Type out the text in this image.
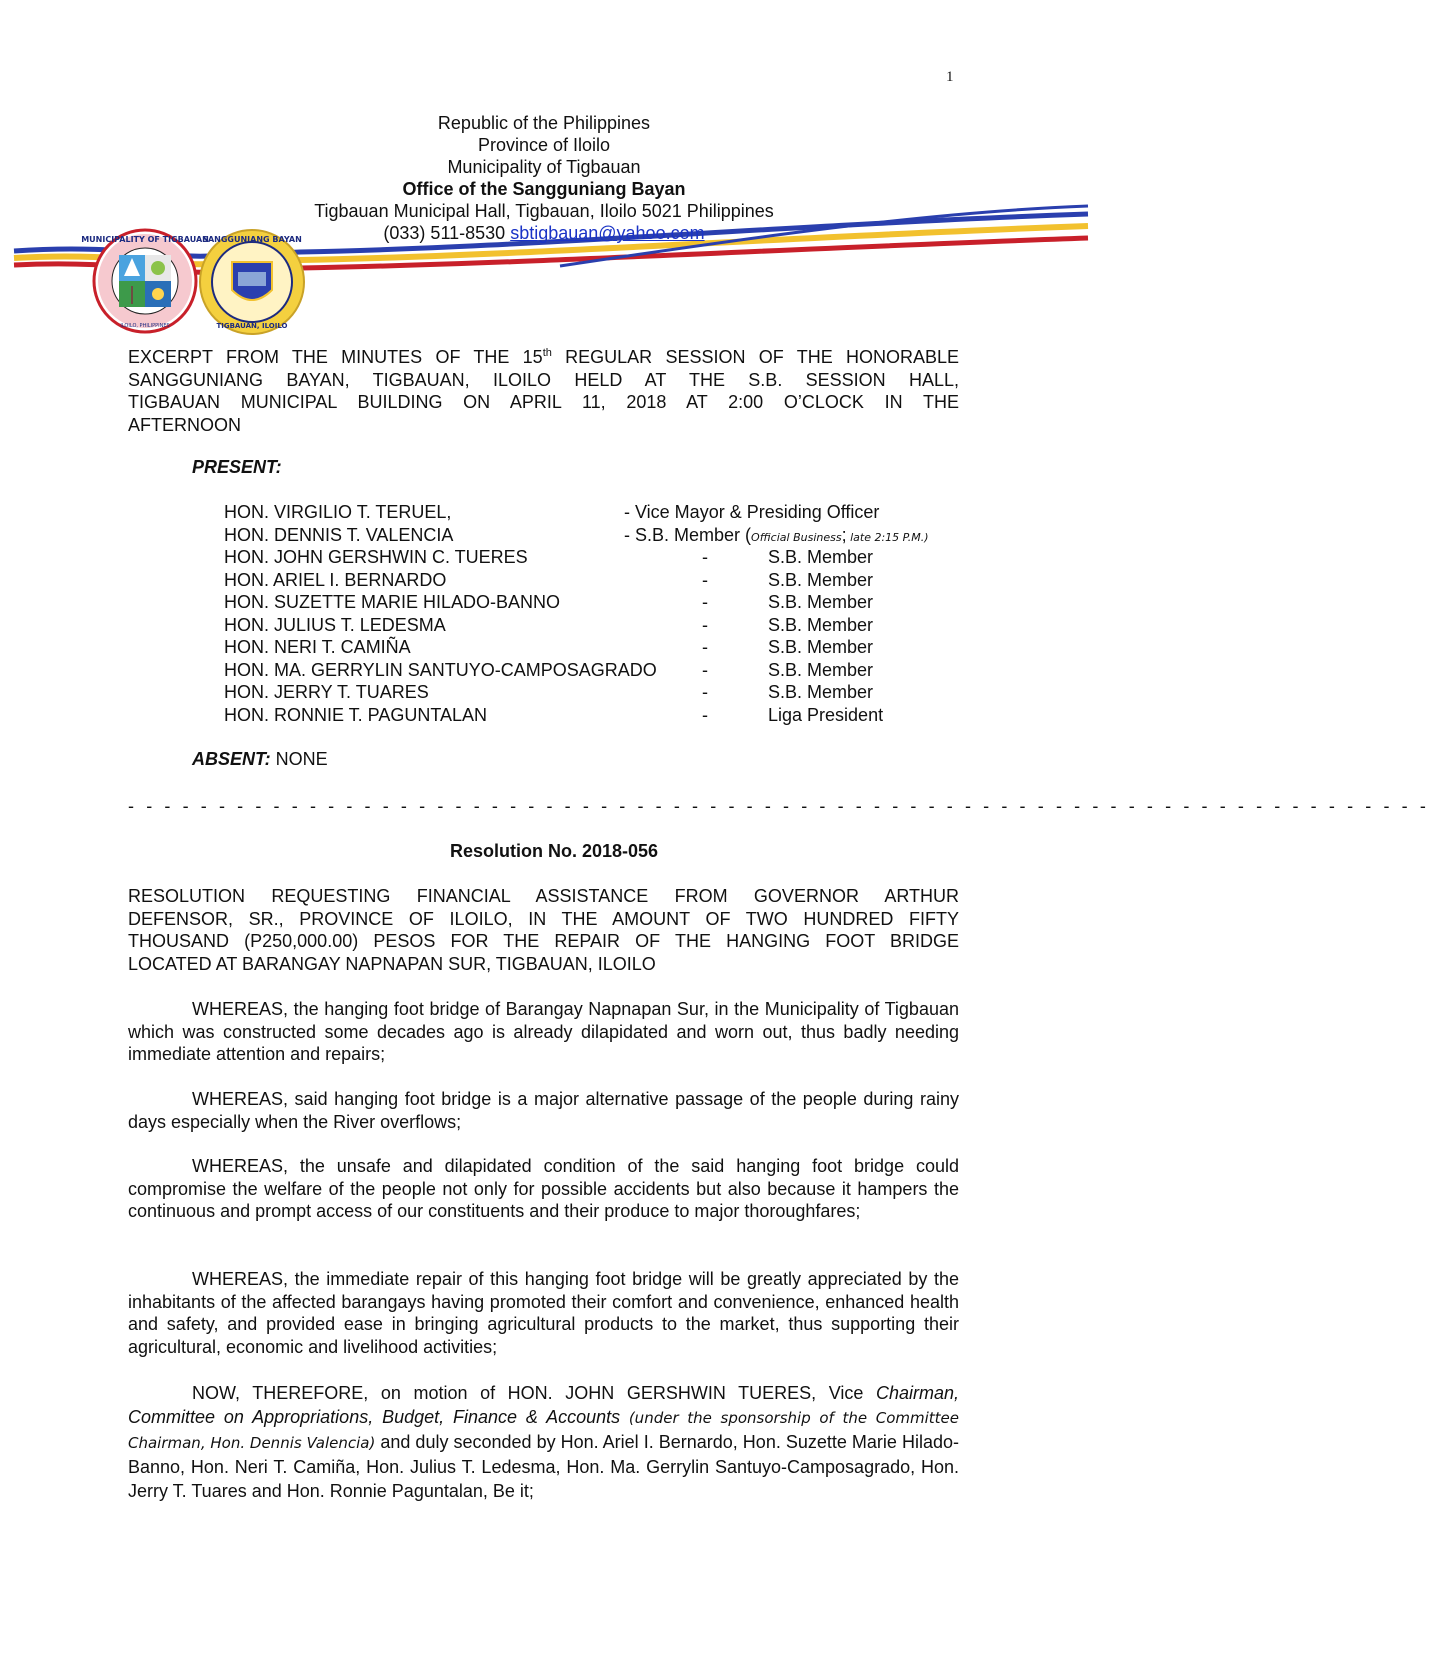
1
MUNICIPALITY OF TIGBAUAN
ILOILO, PHILIPPINES
SANGGUNIANG BAYAN
TIGBAUAN, ILOILO
Republic of the Philippines
Province of Iloilo
Municipality of Tigbauan
Office of the Sangguniang Bayan
Tigbauan Municipal Hall, Tigbauan, Iloilo 5021 Philippines
(033) 511-8530 sbtigbauan@yahoo.com
EXCERPT FROM THE MINUTES OF THE 15th REGULAR SESSION OF THE HONORABLE
SANGGUNIANG BAYAN, TIGBAUAN, ILOILO HELD AT THE S.B. SESSION HALL,
TIGBAUAN MUNICIPAL BUILDING ON APRIL 11, 2018 AT 2:00 O’CLOCK IN THE
AFTERNOON
PRESENT:
HON. VIRGILIO T. TERUEL,	- Vice Mayor & Presiding Officer
HON. DENNIS T. VALENCIA	- S.B. Member (Official Business; late 2:15 P.M.)
HON. JOHN GERSHWIN C. TUERES	-	S.B. Member
HON. ARIEL I. BERNARDO	-	S.B. Member
HON. SUZETTE MARIE HILADO-BANNO	-	S.B. Member
HON. JULIUS T. LEDESMA	-	S.B. Member
HON. NERI T. CAMIÑA	-	S.B. Member
HON. MA. GERRYLIN SANTUYO-CAMPOSAGRADO	-	S.B. Member
HON. JERRY T. TUARES	-	S.B. Member
HON. RONNIE T. PAGUNTALAN	-	Liga President
ABSENT: NONE
- - - - - - - - - - - - - - - - - - - - - - - - - - - - - - - - - - - - - - - - - - - - - - - - - - - - - - - - - - - - - - - - - - - - - - - -
Resolution No. 2018-056
RESOLUTION REQUESTING FINANCIAL ASSISTANCE FROM GOVERNOR ARTHUR
DEFENSOR, SR., PROVINCE OF ILOILO, IN THE AMOUNT OF TWO HUNDRED FIFTY
THOUSAND (P250,000.00) PESOS FOR THE REPAIR OF THE HANGING FOOT BRIDGE
LOCATED AT BARANGAY NAPNAPAN SUR, TIGBAUAN, ILOILO
WHEREAS, the hanging foot bridge of Barangay Napnapan Sur, in the Municipality of Tigbauan which was constructed some decades ago is already dilapidated and worn out, thus badly needing immediate attention and repairs;
WHEREAS, said hanging foot bridge is a major alternative passage of the people during rainy days especially when the River overflows;
WHEREAS, the unsafe and dilapidated condition of the said hanging foot bridge could compromise the welfare of the people not only for possible accidents but also because it hampers the continuous and prompt access of our constituents and their produce to major thoroughfares;
WHEREAS, the immediate repair of this hanging foot bridge will be greatly appreciated by the inhabitants of the affected barangays having promoted their comfort and convenience, enhanced health and safety, and provided ease in bringing agricultural products to the market, thus supporting their agricultural, economic and livelihood activities;
NOW, THEREFORE, on motion of HON. JOHN GERSHWIN TUERES, Vice Chairman, Committee on Appropriations, Budget, Finance & Accounts (under the sponsorship of the Committee Chairman, Hon. Dennis Valencia) and duly seconded by Hon. Ariel I. Bernardo, Hon. Suzette Marie Hilado-Banno, Hon. Neri T. Camiña, Hon. Julius T. Ledesma, Hon. Ma. Gerrylin Santuyo-Camposagrado, Hon. Jerry T. Tuares and Hon. Ronnie Paguntalan, Be it;
